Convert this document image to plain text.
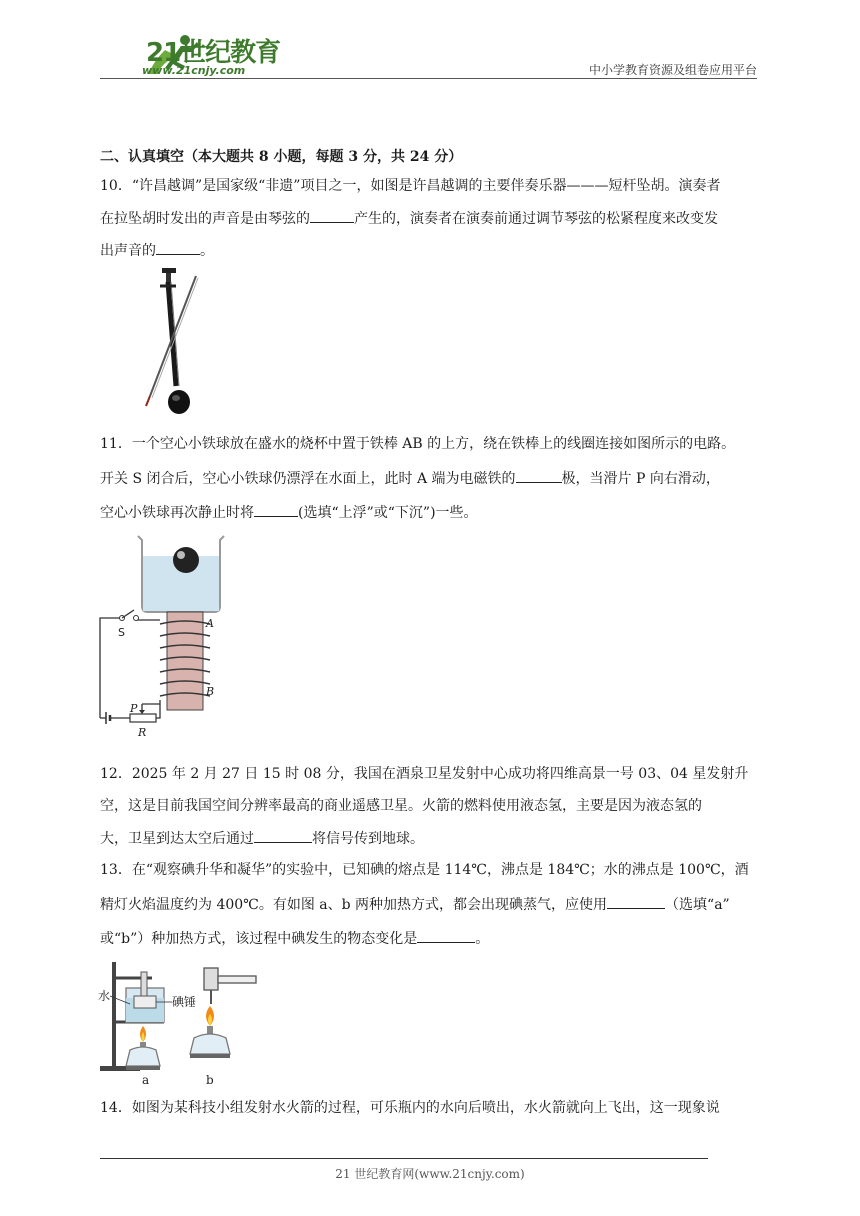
21世纪教育
www.21cnjy.com	中小学教育资源及组卷应用平台
二、认真填空（本大题共 8 小题，每题 3 分，共 24 分）
10．“许昌越调”是国家级“非遗”项目之一，如图是许昌越调的主要伴奏乐器———短杆坠胡。演奏者
在拉坠胡时发出的声音是由琴弦的	产生的，演奏者在演奏前通过调节琴弦的松紧程度来改变发
出声音的	。
11．一个空心小铁球放在盛水的烧杯中置于铁棒 AB 的上方，绕在铁棒上的线圈连接如图所示的电路。
开关 S 闭合后，空心小铁球仍漂浮在水面上，此时 A 端为电磁铁的	极，当滑片 P 向右滑动，
空心小铁球再次静止时将	(选填“上浮”或“下沉”)一些。
S
A
B
P
R
12．2025 年 2 月 27 日 15 时 08 分，我国在酒泉卫星发射中心成功将四维高景一号 03、04 星发射升
空，这是目前我国空间分辨率最高的商业遥感卫星。火箭的燃料使用液态氢，主要是因为液态氢的
大，卫星到达太空后通过	将信号传到地球。
13．在“观察碘升华和凝华”的实验中，已知碘的熔点是 114℃，沸点是 184℃；水的沸点是 100℃，酒
精灯火焰温度约为 400℃。有如图 a、b 两种加热方式，都会出现碘蒸气，应使用	（选填“a”
或“b”）种加热方式，该过程中碘发生的物态变化是	。
水	碘锤
a	b
14．如图为某科技小组发射水火箭的过程，可乐瓶内的水向后喷出，水火箭就向上飞出，这一现象说
21 世纪教育网(www.21cnjy.com)
